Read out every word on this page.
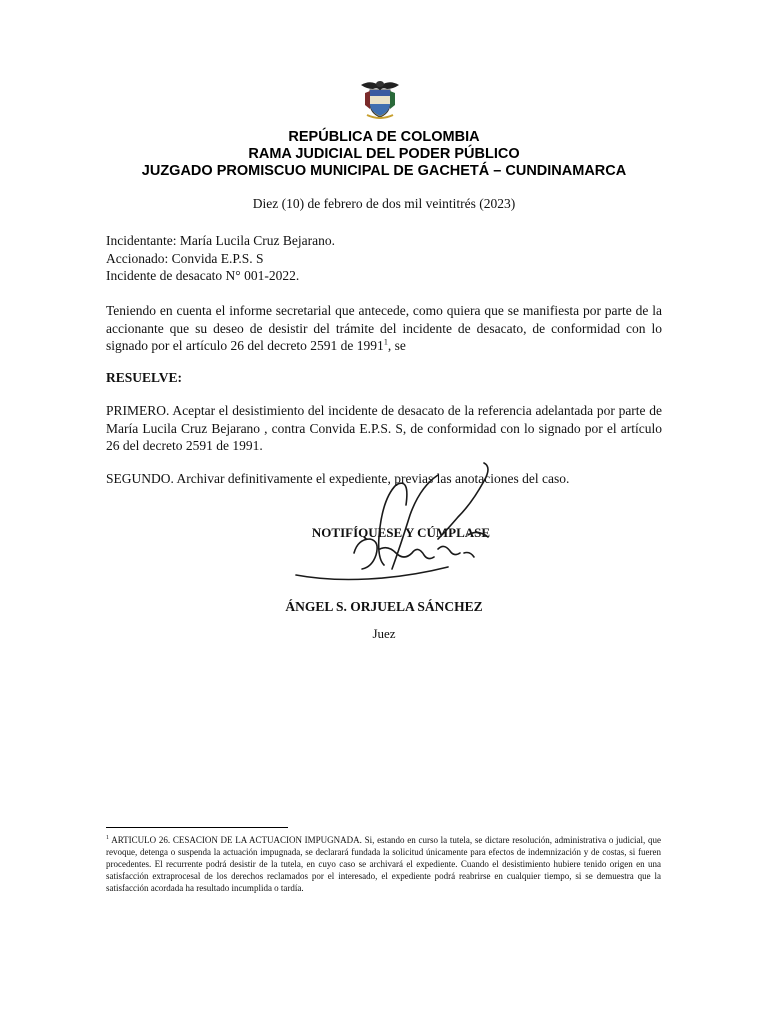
REPÚBLICA DE COLOMBIA
RAMA JUDICIAL DEL PODER PÚBLICO
JUZGADO PROMISCUO MUNICIPAL DE GACHETÁ – CUNDINAMARCA
Diez (10) de febrero de dos mil veintitrés (2023)
Incidentante: María Lucila Cruz Bejarano.
Accionado: Convida E.P.S. S
Incidente de desacato N° 001-2022.
Teniendo en cuenta el informe secretarial que antecede, como quiera que se manifiesta por parte de la accionante que su deseo de desistir del trámite del incidente de desacato, de conformidad con lo signado por el artículo 26 del decreto 2591 de 1991$^1$, se
RESUELVE:
PRIMERO. Aceptar el desistimiento del incidente de desacato de la referencia adelantada por parte de María Lucila Cruz Bejarano , contra Convida E.P.S. S, de conformidad con lo signado por el artículo 26 del decreto 2591 de 1991.
SEGUNDO. Archivar definitivamente el expediente, previas las anotaciones del caso.
NOTIFÍQUESE Y CÚMPLASE
ÁNGEL S. ORJUELA SÁNCHEZ
Juez
$^1$ ARTICULO 26. CESACION DE LA ACTUACION IMPUGNADA. Si, estando en curso la tutela, se dictare resolución, administrativa o judicial, que revoque, detenga o suspenda la actuación impugnada, se declarará fundada la solicitud únicamente para efectos de indemnización y de costas, si fueren procedentes. El recurrente podrá desistir de la tutela, en cuyo caso se archivará el expediente. Cuando el desistimiento hubiere tenido origen en una satisfacción extraprocesal de los derechos reclamados por el interesado, el expediente podrá reabrirse en cualquier tiempo, si se demuestra que la satisfacción acordada ha resultado incumplida o tardía.
